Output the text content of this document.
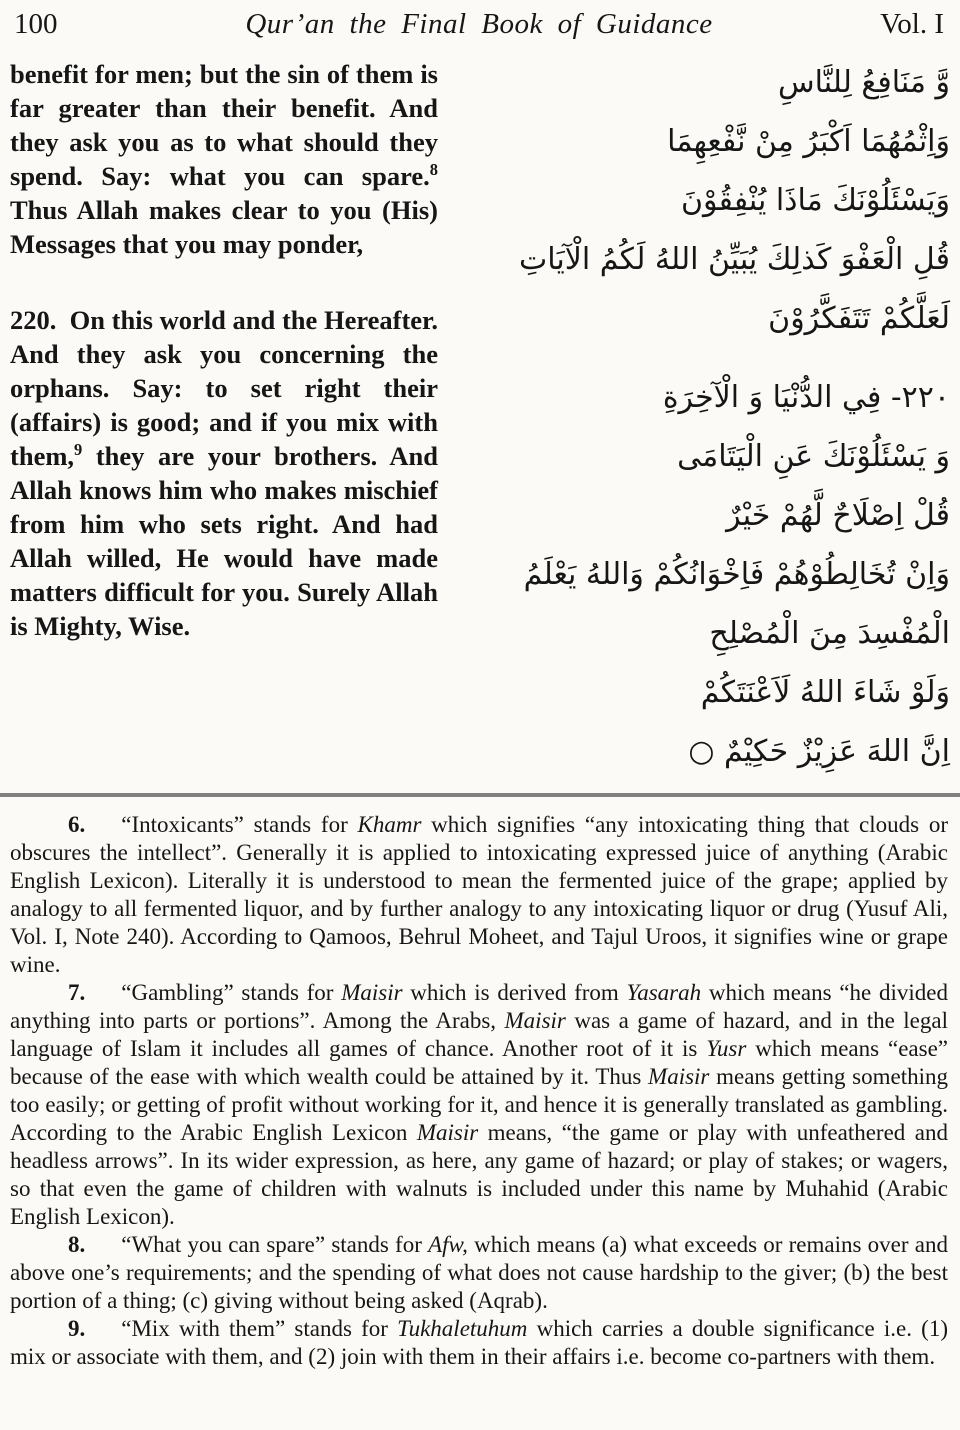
100	Qur’an the Final Book of Guidance	Vol. I

benefit for men; but the sin of them is far greater than their benefit. And they ask you as to what should they spend. Say: what you can spare.$^8$ Thus Allah makes clear to you (His) Messages that you may ponder,

220. On this world and the Hereafter. And they ask you concerning the orphans. Say: to set right their (affairs) is good; and if you mix with them,$^9$ they are your brothers. And Allah knows him who makes mischief from him who sets right. And had Allah willed, He would have made matters difficult for you. Surely Allah is Mighty, Wise.

وَّ مَنَافِعُ لِلنَّاسِ
وَاِثْمُهُمَا اَكْبَرُ مِنْ نَّفْعِهِمَا
وَيَسْئَلُوْنَكَ مَاذَا يُنْفِقُوْنَ
قُلِ الْعَفْوَ كَذلِكَ يُبَيِّنُ اللهُ لَكُمُ الْآيَاتِ
لَعَلَّكُمْ تَتَفَكَّرُوْنَ
٢٢٠- فِي الدُّنْيَا وَ الْآخِرَةِ
وَ يَسْئَلُوْنَكَ عَنِ الْيَتَامَى
قُلْ اِصْلَاحٌ لَّهُمْ خَيْرٌ
وَاِنْ تُخَالِطُوْهُمْ فَاِخْوَانُكُمْ وَاللهُ يَعْلَمُ
الْمُفْسِدَ مِنَ الْمُصْلِحِ
وَلَوْ شَاءَ اللهُ لَاَعْنَتَكُمْ
اِنَّ اللهَ عَزِيْزٌ حَكِيْمٌ ○

6. “Intoxicants” stands for Khamr which signifies “any intoxicating thing that clouds or obscures the intellect”. Generally it is applied to intoxicating expressed juice of anything (Arabic English Lexicon). Literally it is understood to mean the fermented juice of the grape; applied by analogy to all fermented liquor, and by further analogy to any intoxicating liquor or drug (Yusuf Ali, Vol. I, Note 240). According to Qamoos, Behrul Moheet, and Tajul Uroos, it signifies wine or grape wine.

7. “Gambling” stands for Maisir which is derived from Yasarah which means “he divided anything into parts or portions”. Among the Arabs, Maisir was a game of hazard, and in the legal language of Islam it includes all games of chance. Another root of it is Yusr which means “ease” because of the ease with which wealth could be attained by it. Thus Maisir means getting something too easily; or getting of profit without working for it, and hence it is generally translated as gambling. According to the Arabic English Lexicon Maisir means, “the game or play with unfeathered and headless arrows”. In its wider expression, as here, any game of hazard; or play of stakes; or wagers, so that even the game of children with walnuts is included under this name by Muhahid (Arabic English Lexicon).

8. “What you can spare” stands for Afw, which means (a) what exceeds or remains over and above one’s requirements; and the spending of what does not cause hardship to the giver; (b) the best portion of a thing; (c) giving without being asked (Aqrab).

9. “Mix with them” stands for Tukhaletuhum which carries a double significance i.e. (1) mix or associate with them, and (2) join with them in their affairs i.e. become co-partners with them.
